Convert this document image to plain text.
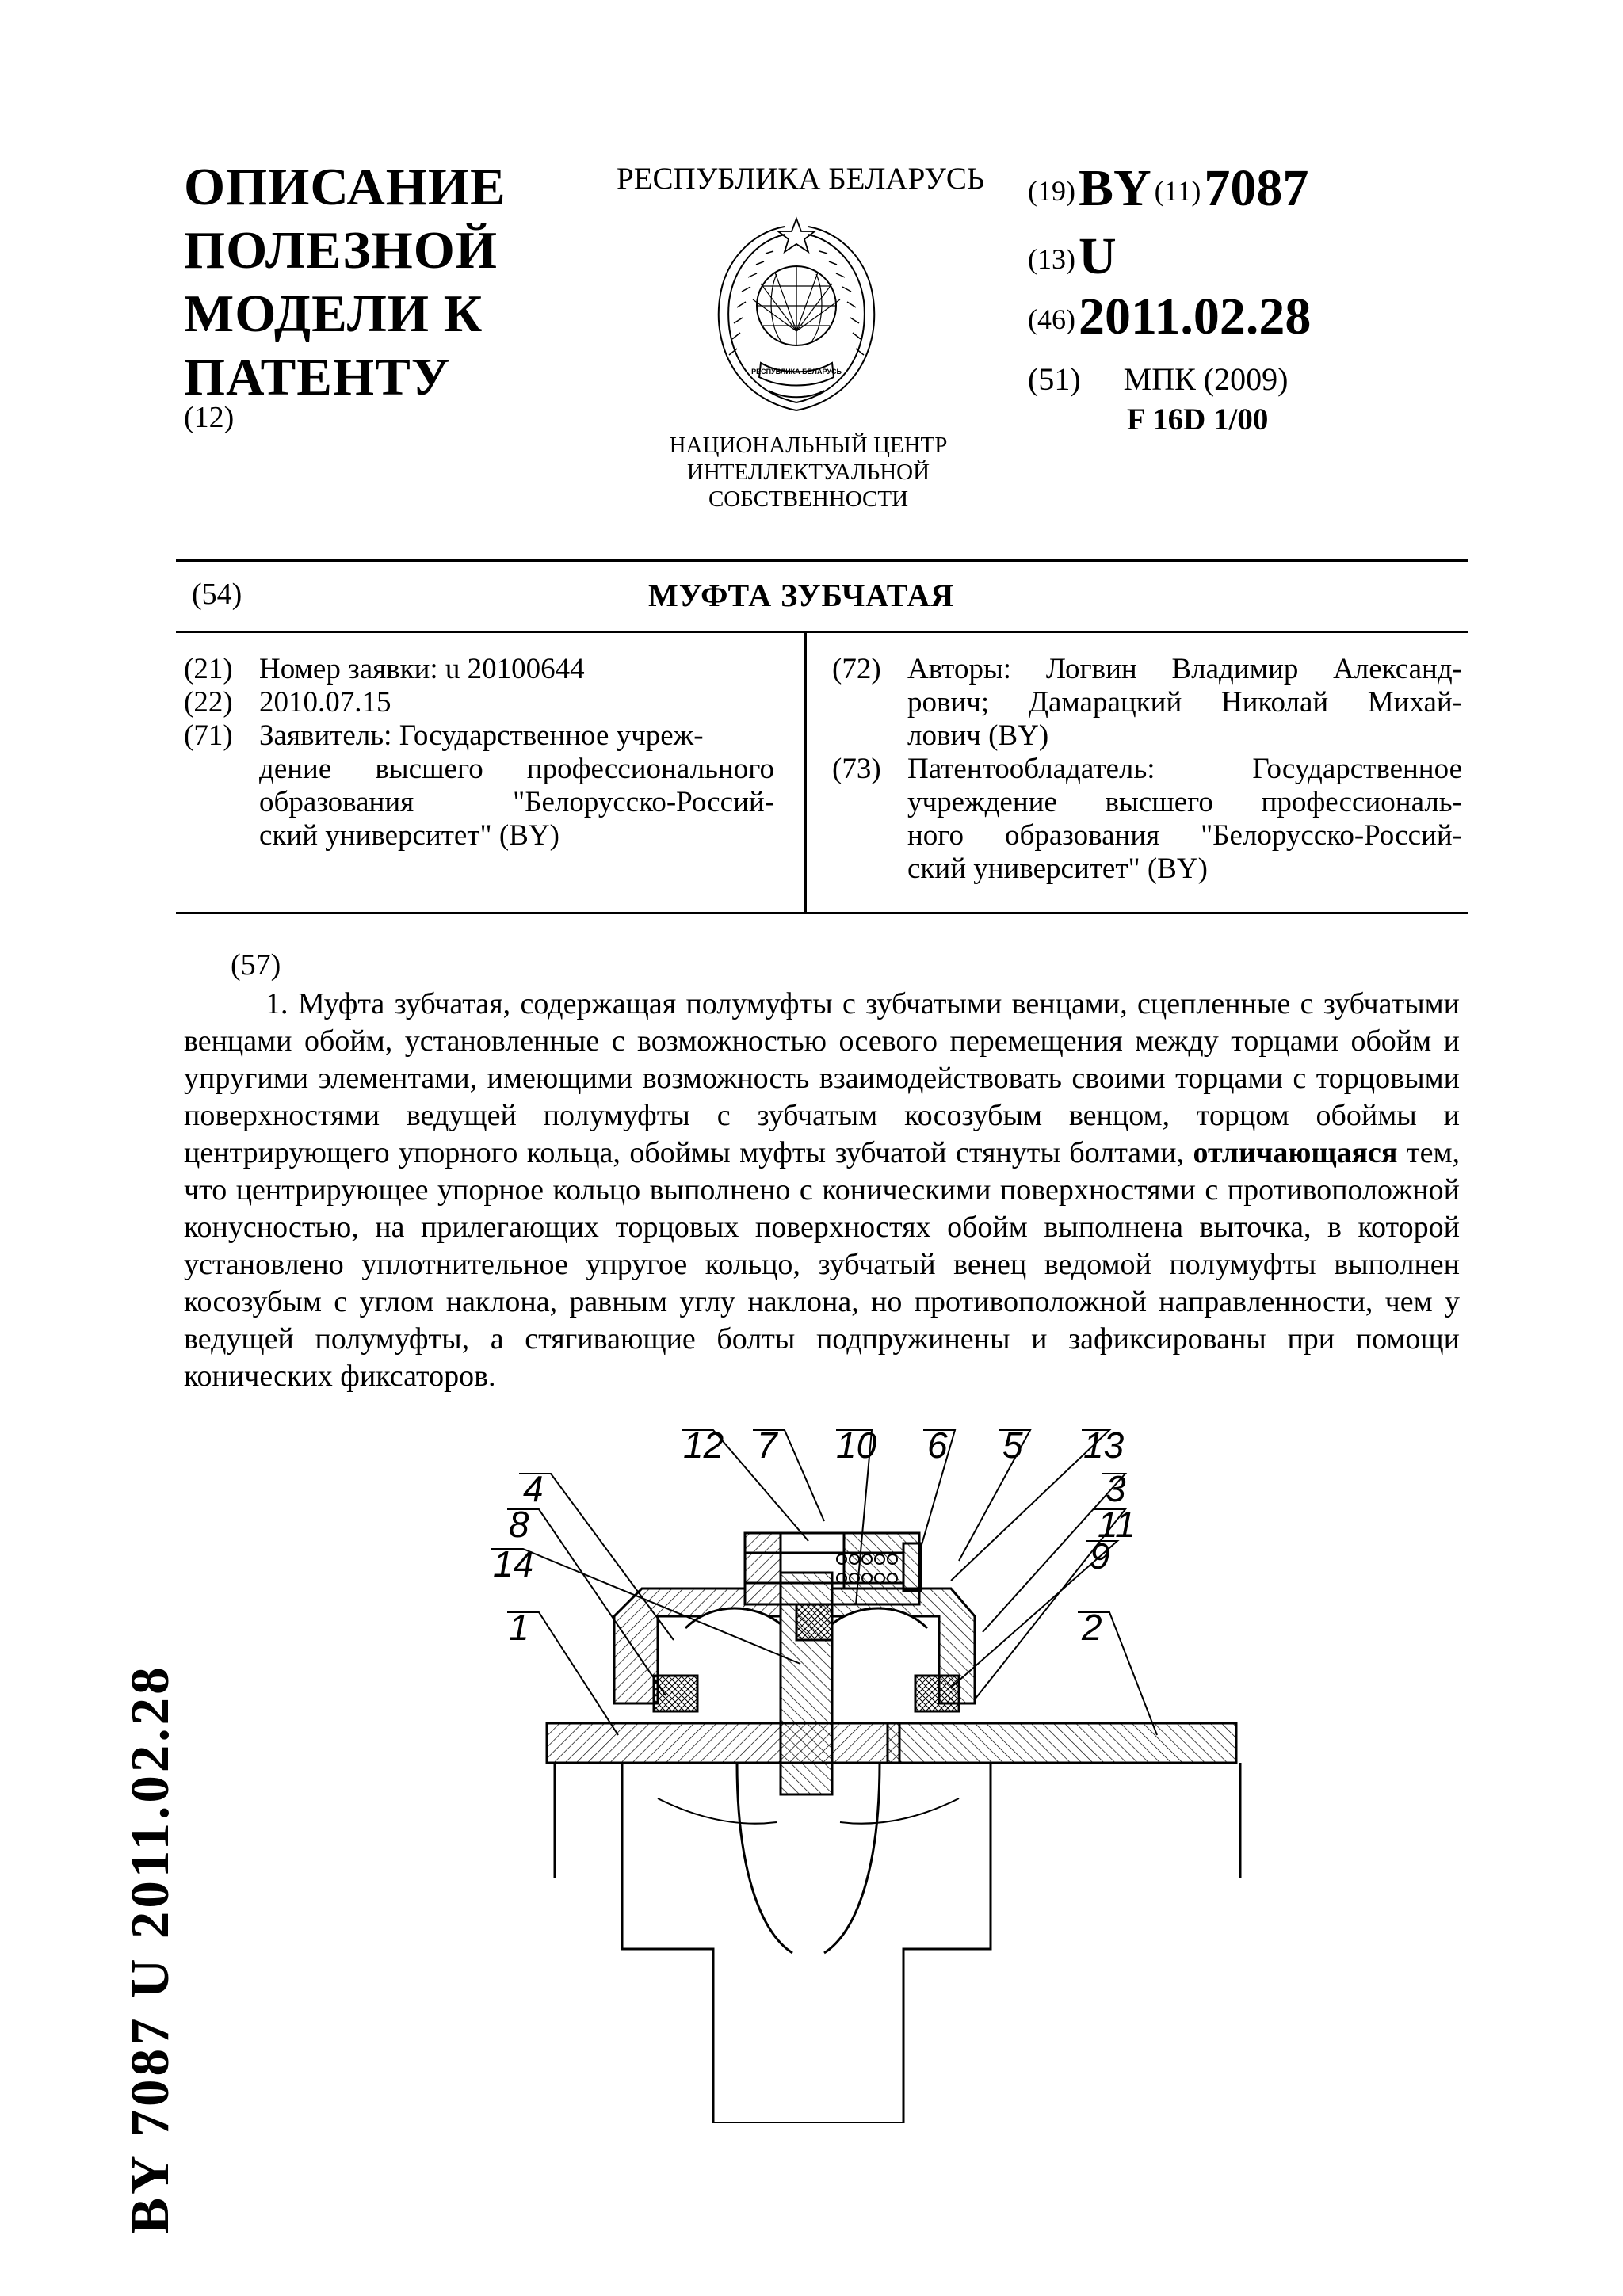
ОПИСАНИЕ
ПОЛЕЗНОЙ
МОДЕЛИ К
ПАТЕНТУ
(12)
РЕСПУБЛИКА БЕЛАРУСЬ
РЕСПУБЛИКА БЕЛАРУСЬ
НАЦИОНАЛЬНЫЙ ЦЕНТР
ИНТЕЛЛЕКТУАЛЬНОЙ
СОБСТВЕННОСТИ
(19) BY (11) 7087
(13) U
(46) 2011.02.28
(51) МПК (2009)
F 16D 1/00
(54)	МУФТА ЗУБЧАТАЯ
(21) Номер заявки: u 20100644
(22) 2010.07.15
(71) Заявитель: Государственное учреж-
дение высшего профессионального
образования "Белорусско-Россий-
ский университет" (BY)
(72) Авторы: Логвин Владимир Александ-
рович; Дамарацкий Николай Михай-
лович (BY)
(73) Патентообладатель: Государственное
учреждение высшего профессиональ-
ного образования "Белорусско-Россий-
ский университет" (BY)
(57)
1. Муфта зубчатая, содержащая полумуфты с зубчатыми венцами, сцепленные с зубчатыми венцами обойм, установленные с возможностью осевого перемещения между торцами обойм и упругими элементами, имеющими возможность взаимодействовать своими торцами с торцовыми поверхностями ведущей полумуфты с зубчатым косозубым венцом, торцом обоймы и центрирующего упорного кольца, обоймы муфты зубчатой стянуты болтами, отличающаяся тем, что центрирующее упорное кольцо выполнено с коническими поверхностями с противоположной конусностью, на прилегающих торцовых поверхностях обойм выполнена выточка, в которой установлено уплотнительное упругое кольцо, зубчатый венец ведомой полумуфты выполнен косозубым с углом наклона, равным углу наклона, но противоположной направленности, чем у ведущей полумуфты, а стягивающие болты подпружинены и зафиксированы при помощи конических фиксаторов.
12 7 10 6 5 13
4	3
8	11
9
14
2
1
BY 7087 U 2011.02.28
